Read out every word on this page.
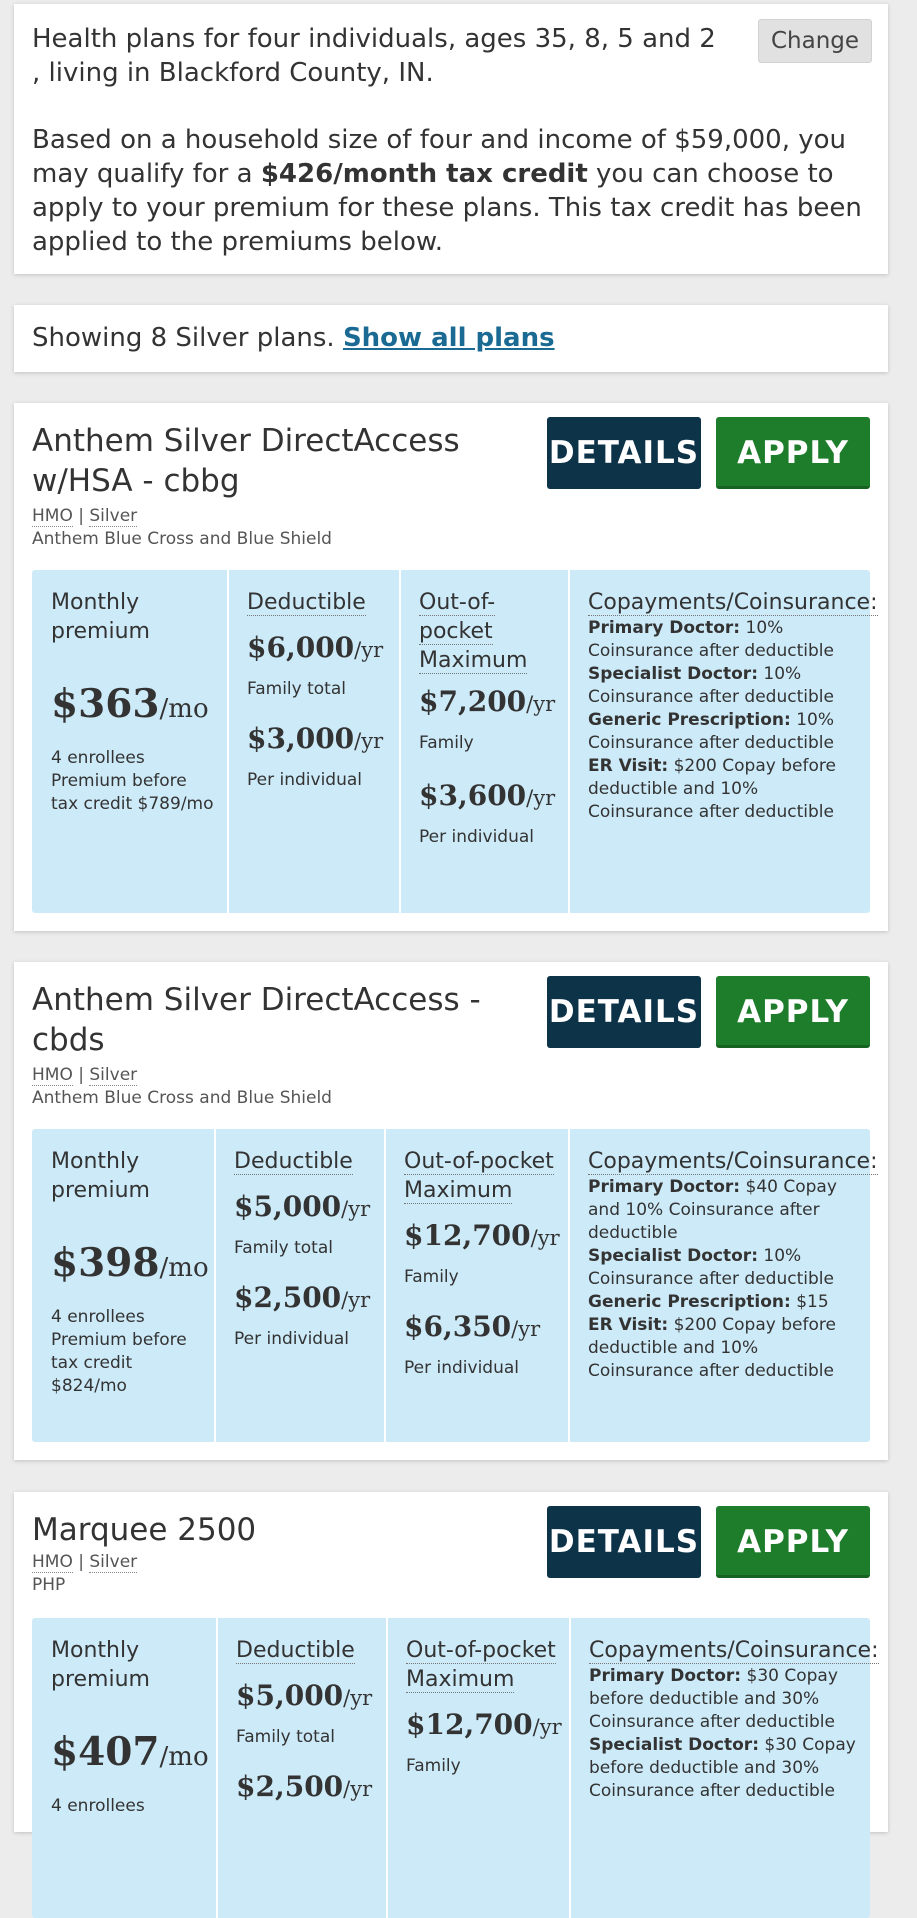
Health plans for four individuals, ages 35, 8, 5 and 2 , living in Blackford County, IN.

Based on a household size of four and income of $59,000, you may qualify for a $426/month tax credit you can choose to apply to your premium for these plans. This tax credit has been applied to the premiums below.

Change
Showing 8 Silver plans. Show all plans
Anthem Silver DirectAccess w/HSA - cbbg
HMO | Silver
Anthem Blue Cross and Blue Shield
DETAILS	APPLY
Monthly premium
$363/mo
4 enrollees
Premium before tax credit $789/mo
Deductible
$6,000/yr
Family total
$3,000/yr
Per individual
Out-of-pocket Maximum
$7,200/yr
Family
$3,600/yr
Per individual
Copayments/Coinsurance:
Primary Doctor: 10% Coinsurance after deductible
Specialist Doctor: 10% Coinsurance after deductible
Generic Prescription: 10% Coinsurance after deductible
ER Visit: $200 Copay before deductible and 10% Coinsurance after deductible
Anthem Silver DirectAccess - cbds
HMO | Silver
Anthem Blue Cross and Blue Shield
DETAILS	APPLY
Monthly premium
$398/mo
4 enrollees
Premium before tax credit $824/mo
Deductible
$5,000/yr
Family total
$2,500/yr
Per individual
Out-of-pocket Maximum
$12,700/yr
Family
$6,350/yr
Per individual
Copayments/Coinsurance:
Primary Doctor: $40 Copay and 10% Coinsurance after deductible
Specialist Doctor: 10% Coinsurance after deductible
Generic Prescription: $15
ER Visit: $200 Copay before deductible and 10% Coinsurance after deductible
Marquee 2500
HMO | Silver
PHP
DETAILS	APPLY
Monthly premium
$407/mo
4 enrollees
Deductible
$5,000/yr
Family total
$2,500/yr
Out-of-pocket Maximum
$12,700/yr
Family
Copayments/Coinsurance:
Primary Doctor: $30 Copay before deductible and 30% Coinsurance after deductible
Specialist Doctor: $30 Copay before deductible and 30% Coinsurance after deductible
